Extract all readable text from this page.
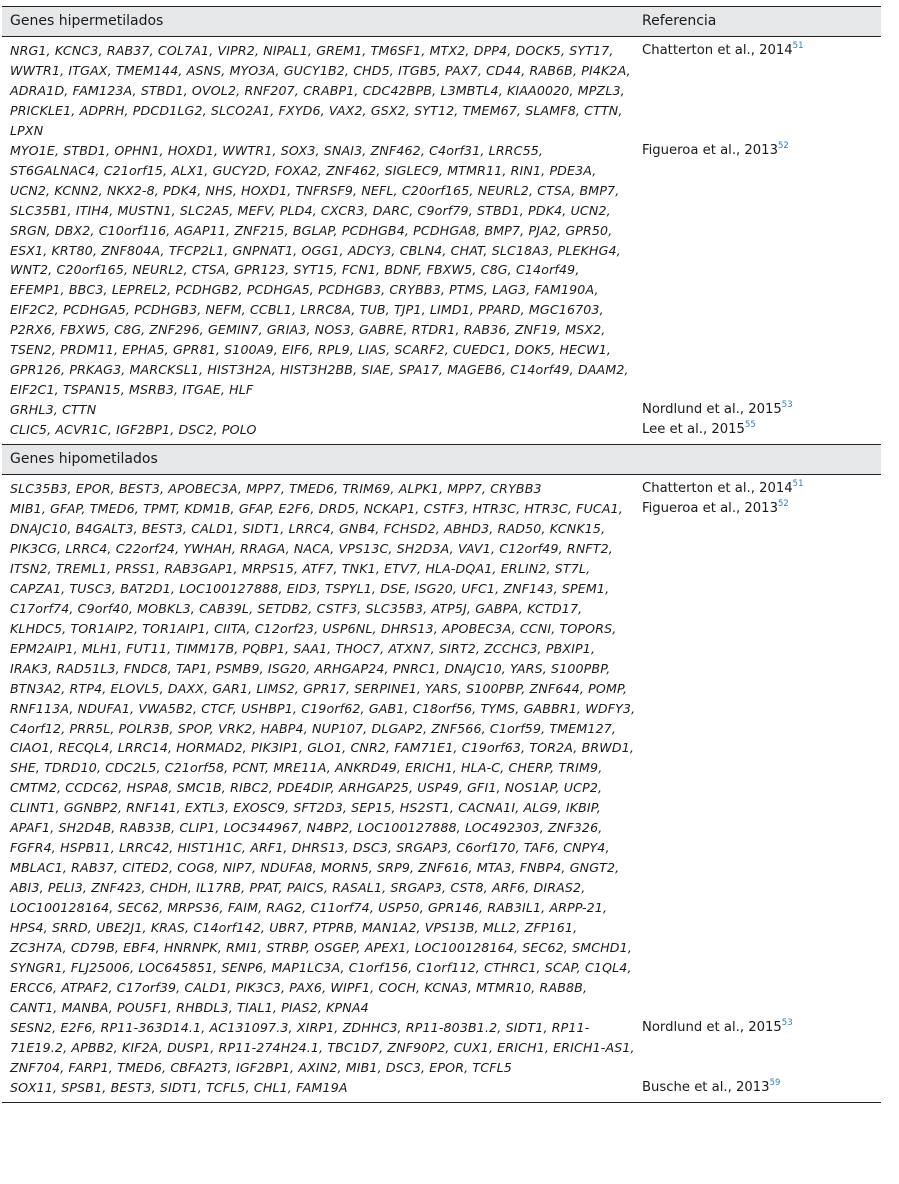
Genes hipermetilados	Referencia
NRG1, KCNC3, RAB37, COL7A1, VIPR2, NIPAL1, GREM1, TM6SF1, MTX2, DPP4, DOCK5, SYT17, WWTR1, ITGAX, TMEM144, ASNS, MYO3A, GUCY1B2, CHD5, ITGB5, PAX7, CD44, RAB6B, PI4K2A, ADRA1D, FAM123A, STBD1, OVOL2, RNF207, CRABP1, CDC42BPB, L3MBTL4, KIAA0020, MPZL3, PRICKLE1, ADPRH, PDCD1LG2, SLCO2A1, FXYD6, VAX2, GSX2, SYT12, TMEM67, SLAMF8, CTTN, LPXN	Chatterton et al., 2014$^{51}$
MYO1E, STBD1, OPHN1, HOXD1, WWTR1, SOX3, SNAI3, ZNF462, C4orf31, LRRC55, ST6GALNAC4, C21orf15, ALX1, GUCY2D, FOXA2, ZNF462, SIGLEC9, MTMR11, RIN1, PDE3A, UCN2, KCNN2, NKX2-8, PDK4, NHS, HOXD1, TNFRSF9, NEFL, C20orf165, NEURL2, CTSA, BMP7, SLC35B1, ITIH4, MUSTN1, SLC2A5, MEFV, PLD4, CXCR3, DARC, C9orf79, STBD1, PDK4, UCN2, SRGN, DBX2, C10orf116, AGAP11, ZNF215, BGLAP, PCDHGB4, PCDHGA8, BMP7, PJA2, GPR50, ESX1, KRT80, ZNF804A, TFCP2L1, GNPNAT1, OGG1, ADCY3, CBLN4, CHAT, SLC18A3, PLEKHG4, WNT2, C20orf165, NEURL2, CTSA, GPR123, SYT15, FCN1, BDNF, FBXW5, C8G, C14orf49, EFEMP1, BBC3, LEPREL2, PCDHGB2, PCDHGA5, PCDHGB3, CRYBB3, PTMS, LAG3, FAM190A, EIF2C2, PCDHGA5, PCDHGB3, NEFM, CCBL1, LRRC8A, TUB, TJP1, LIMD1, PPARD, MGC16703, P2RX6, FBXW5, C8G, ZNF296, GEMIN7, GRIA3, NOS3, GABRE, RTDR1, RAB36, ZNF19, MSX2, TSEN2, PRDM11, EPHA5, GPR81, S100A9, EIF6, RPL9, LIAS, SCARF2, CUEDC1, DOK5, HECW1, GPR126, PRKAG3, MARCKSL1, HIST3H2A, HIST3H2BB, SIAE, SPA17, MAGEB6, C14orf49, DAAM2, EIF2C1, TSPAN15, MSRB3, ITGAE, HLF	Figueroa et al., 2013$^{52}$
GRHL3, CTTN	Nordlund et al., 2015$^{53}$
CLIC5, ACVR1C, IGF2BP1, DSC2, POLO	Lee et al., 2015$^{55}$
Genes hipometilados	
SLC35B3, EPOR, BEST3, APOBEC3A, MPP7, TMED6, TRIM69, ALPK1, MPP7, CRYBB3	Chatterton et al., 2014$^{51}$
MIB1, GFAP, TMED6, TPMT, KDM1B, GFAP, E2F6, DRD5, NCKAP1, CSTF3, HTR3C, HTR3C, FUCA1, DNAJC10, B4GALT3, BEST3, CALD1, SIDT1, LRRC4, GNB4, FCHSD2, ABHD3, RAD50, KCNK15, PIK3CG, LRRC4, C22orf24, YWHAH, RRAGA, NACA, VPS13C, SH2D3A, VAV1, C12orf49, RNFT2, ITSN2, TREML1, PRSS1, RAB3GAP1, MRPS15, ATF7, TNK1, ETV7, HLA-DQA1, ERLIN2, ST7L, CAPZA1, TUSC3, BAT2D1, LOC100127888, EID3, TSPYL1, DSE, ISG20, UFC1, ZNF143, SPEM1, C17orf74, C9orf40, MOBKL3, CAB39L, SETDB2, CSTF3, SLC35B3, ATP5J, GABPA, KCTD17, KLHDC5, TOR1AIP2, TOR1AIP1, CIITA, C12orf23, USP6NL, DHRS13, APOBEC3A, CCNI, TOPORS, EPM2AIP1, MLH1, FUT11, TIMM17B, PQBP1, SAA1, THOC7, ATXN7, SIRT2, ZCCHC3, PBXIP1, IRAK3, RAD51L3, FNDC8, TAP1, PSMB9, ISG20, ARHGAP24, PNRC1, DNAJC10, YARS, S100PBP, BTN3A2, RTP4, ELOVL5, DAXX, GAR1, LIMS2, GPR17, SERPINE1, YARS, S100PBP, ZNF644, POMP, RNF113A, NDUFA1, VWA5B2, CTCF, USHBP1, C19orf62, GAB1, C18orf56, TYMS, GABBR1, WDFY3, C4orf12, PRR5L, POLR3B, SPOP, VRK2, HABP4, NUP107, DLGAP2, ZNF566, C1orf59, TMEM127, CIAO1, RECQL4, LRRC14, HORMAD2, PIK3IP1, GLO1, CNR2, FAM71E1, C19orf63, TOR2A, BRWD1, SHE, TDRD10, CDC2L5, C21orf58, PCNT, MRE11A, ANKRD49, ERICH1, HLA-C, CHERP, TRIM9, CMTM2, CCDC62, HSPA8, SMC1B, RIBC2, PDE4DIP, ARHGAP25, USP49, GFI1, NOS1AP, UCP2, CLINT1, GGNBP2, RNF141, EXTL3, EXOSC9, SFT2D3, SEP15, HS2ST1, CACNA1I, ALG9, IKBIP, APAF1, SH2D4B, RAB33B, CLIP1, LOC344967, N4BP2, LOC100127888, LOC492303, ZNF326, FGFR4, HSPB11, LRRC42, HIST1H1C, ARF1, DHRS13, DSC3, SRGAP3, C6orf170, TAF6, CNPY4, MBLAC1, RAB37, CITED2, COG8, NIP7, NDUFA8, MORN5, SRP9, ZNF616, MTA3, FNBP4, GNGT2, ABI3, PELI3, ZNF423, CHDH, IL17RB, PPAT, PAICS, RASAL1, SRGAP3, CST8, ARF6, DIRAS2, LOC100128164, SEC62, MRPS36, FAIM, RAG2, C11orf74, USP50, GPR146, RAB3IL1, ARPP-21, HPS4, SRRD, UBE2J1, KRAS, C14orf142, UBR7, PTPRB, MAN1A2, VPS13B, MLL2, ZFP161, ZC3H7A, CD79B, EBF4, HNRNPK, RMI1, STRBP, OSGEP, APEX1, LOC100128164, SEC62, SMCHD1, SYNGR1, FLJ25006, LOC645851, SENP6, MAP1LC3A, C1orf156, C1orf112, CTHRC1, SCAP, C1QL4, ERCC6, ATPAF2, C17orf39, CALD1, PIK3C3, PAX6, WIPF1, COCH, KCNA3, MTMR10, RAB8B, CANT1, MANBA, POU5F1, RHBDL3, TIAL1, PIAS2, KPNA4	Figueroa et al., 2013$^{52}$
SESN2, E2F6, RP11-363D14.1, AC131097.3, XIRP1, ZDHHC3, RP11-803B1.2, SIDT1, RP11-71E19.2, APBB2, KIF2A, DUSP1, RP11-274H24.1, TBC1D7, ZNF90P2, CUX1, ERICH1, ERICH1-AS1, ZNF704, FARP1, TMED6, CBFA2T3, IGF2BP1, AXIN2, MIB1, DSC3, EPOR, TCFL5	Nordlund et al., 2015$^{53}$
SOX11, SPSB1, BEST3, SIDT1, TCFL5, CHL1, FAM19A	Busche et al., 2013$^{59}$
